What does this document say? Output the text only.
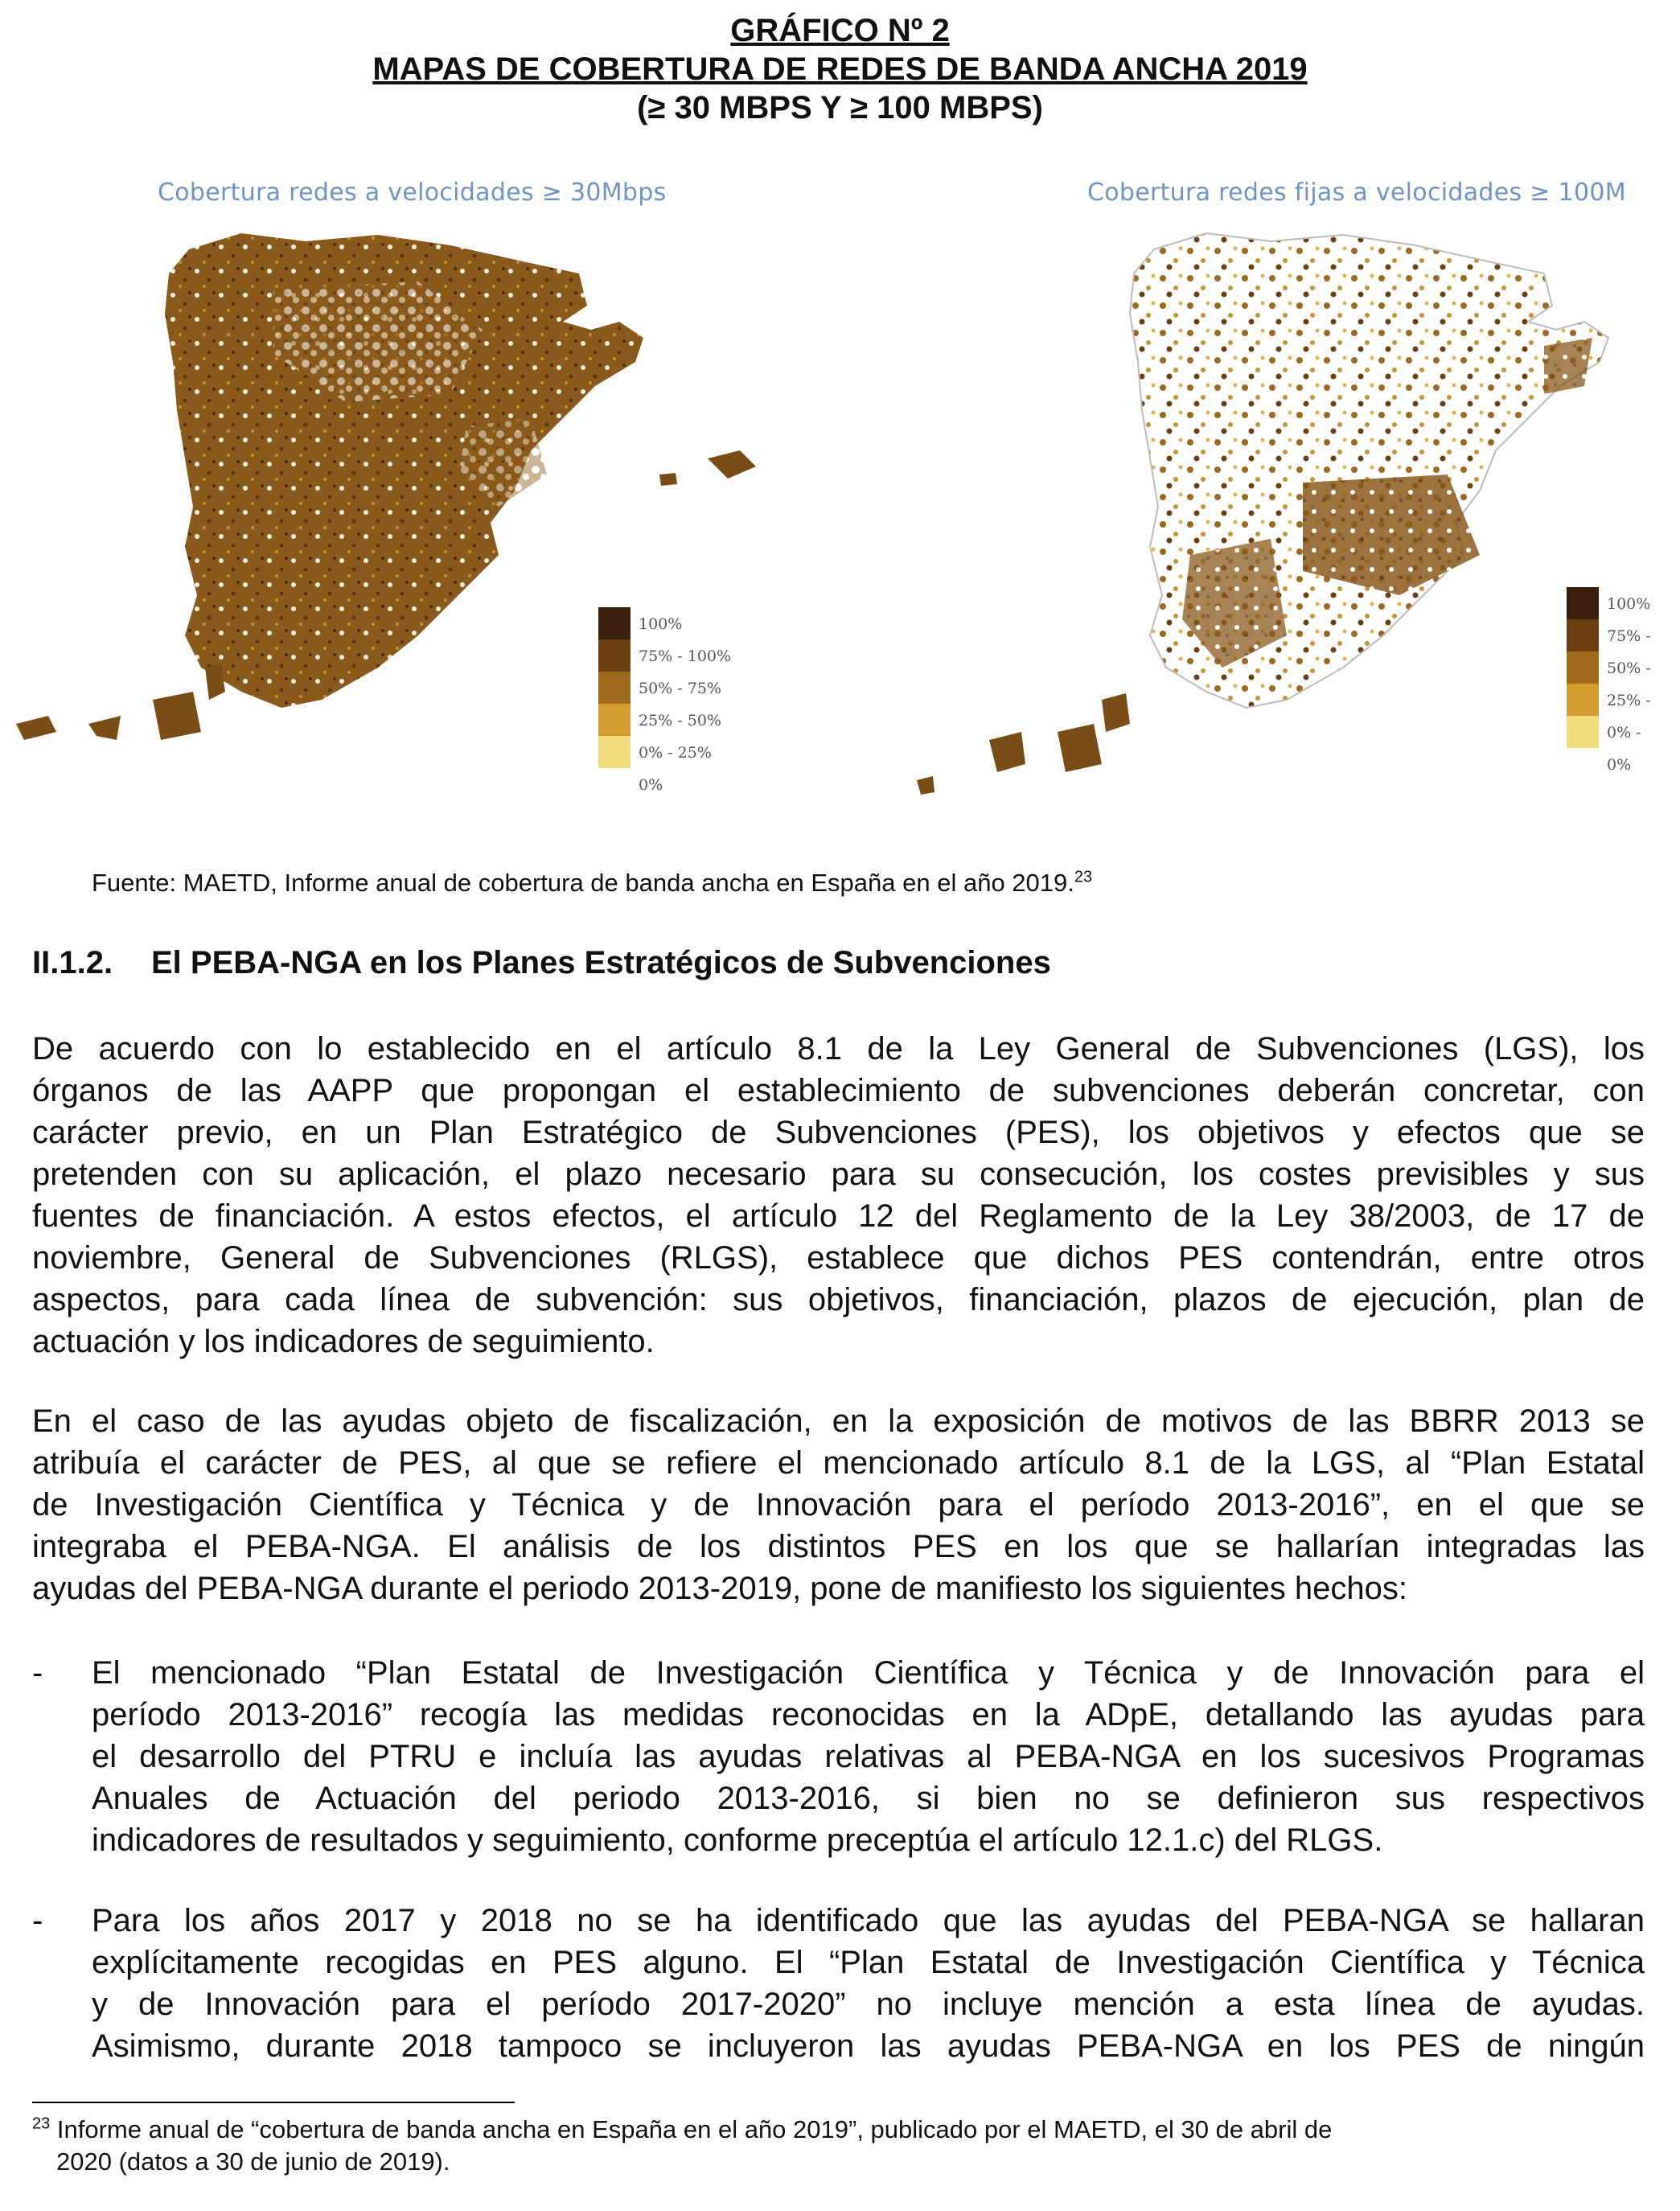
GRÁFICO Nº 2
MAPAS DE COBERTURA DE REDES DE BANDA ANCHA 2019
(≥ 30 MBPS Y ≥ 100 MBPS)
Cobertura redes a velocidades ≥ 30Mbps
100%
75% - 100%
50% - 75%
25% - 50%
0% - 25%
0%
Cobertura redes fijas a velocidades ≥ 100M
100%
75% -
50% -
25% -
0% -
0%
Fuente: MAETD, Informe anual de cobertura de banda ancha en España en el año 2019.23
II.1.2. El PEBA-NGA en los Planes Estratégicos de Subvenciones
De acuerdo con lo establecido en el artículo 8.1 de la Ley General de Subvenciones (LGS), los
órganos de las AAPP que propongan el establecimiento de subvenciones deberán concretar, con
carácter previo, en un Plan Estratégico de Subvenciones (PES), los objetivos y efectos que se
pretenden con su aplicación, el plazo necesario para su consecución, los costes previsibles y sus
fuentes de financiación. A estos efectos, el artículo 12 del Reglamento de la Ley 38/2003, de 17 de
noviembre, General de Subvenciones (RLGS), establece que dichos PES contendrán, entre otros
aspectos, para cada línea de subvención: sus objetivos, financiación, plazos de ejecución, plan de
actuación y los indicadores de seguimiento.
En el caso de las ayudas objeto de fiscalización, en la exposición de motivos de las BBRR 2013 se
atribuía el carácter de PES, al que se refiere el mencionado artículo 8.1 de la LGS, al “Plan Estatal
de Investigación Científica y Técnica y de Innovación para el período 2013-2016”, en el que se
integraba el PEBA-NGA. El análisis de los distintos PES en los que se hallarían integradas las
ayudas del PEBA-NGA durante el periodo 2013-2019, pone de manifiesto los siguientes hechos:
- El mencionado “Plan Estatal de Investigación Científica y Técnica y de Innovación para el
período 2013-2016” recogía las medidas reconocidas en la ADpE, detallando las ayudas para
el desarrollo del PTRU e incluía las ayudas relativas al PEBA-NGA en los sucesivos Programas
Anuales de Actuación del periodo 2013-2016, si bien no se definieron sus respectivos
indicadores de resultados y seguimiento, conforme preceptúa el artículo 12.1.c) del RLGS.
- Para los años 2017 y 2018 no se ha identificado que las ayudas del PEBA-NGA se hallaran
explícitamente recogidas en PES alguno. El “Plan Estatal de Investigación Científica y Técnica
y de Innovación para el período 2017-2020” no incluye mención a esta línea de ayudas.
Asimismo, durante 2018 tampoco se incluyeron las ayudas PEBA-NGA en los PES de ningún
$^{23}$ Informe anual de “cobertura de banda ancha en España en el año 2019”, publicado por el MAETD, el 30 de abril de
2020 (datos a 30 de junio de 2019).
